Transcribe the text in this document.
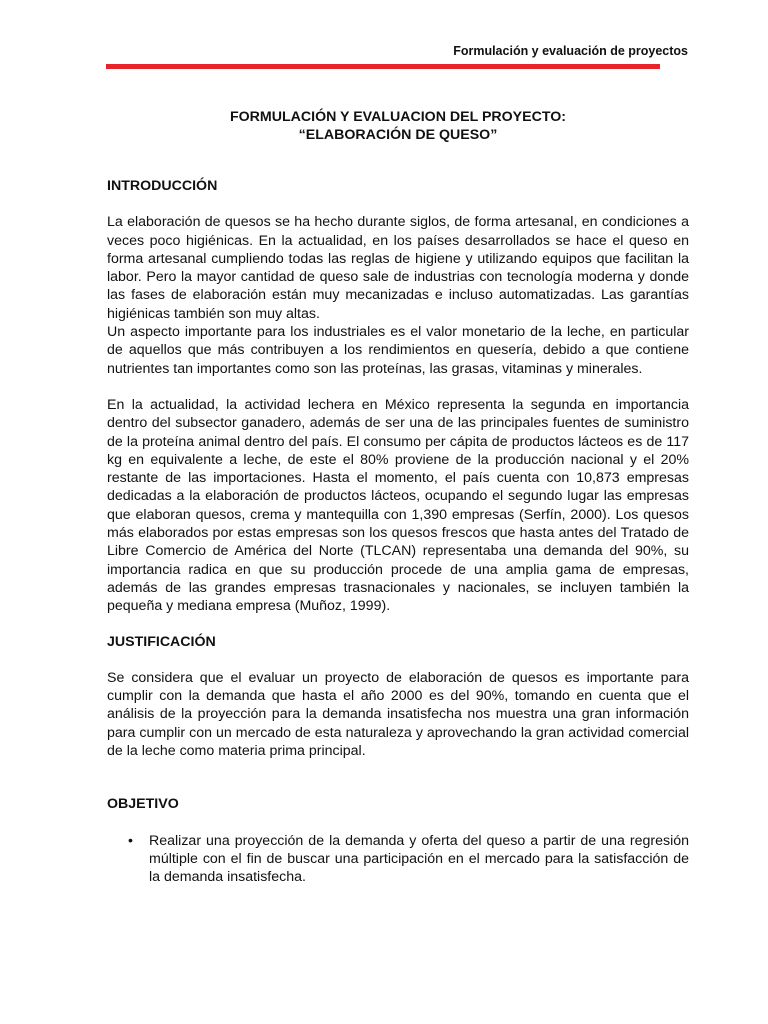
Formulación y evaluación de proyectos
FORMULACIÓN Y EVALUACION DEL PROYECTO:
“ELABORACIÓN DE QUESO”
INTRODUCCIÓN

La elaboración de quesos se ha hecho durante siglos, de forma artesanal, en condiciones a veces poco higiénicas. En la actualidad, en los países desarrollados se hace el queso en forma artesanal cumpliendo todas las reglas de higiene y utilizando equipos que facilitan la labor. Pero la mayor cantidad de queso sale de industrias con tecnología moderna y donde las fases de elaboración están muy mecanizadas e incluso automatizadas. Las garantías higiénicas también son muy altas.

Un aspecto importante para los industriales es el valor monetario de la leche, en particular de aquellos que más contribuyen a los rendimientos en quesería, debido a que contiene nutrientes tan importantes como son las proteínas, las grasas, vitaminas y minerales.

En la actualidad, la actividad lechera en México representa la segunda en importancia dentro del subsector ganadero, además de ser una de las principales fuentes de suministro de la proteína animal dentro del país. El consumo per cápita de productos lácteos es de 117 kg en equivalente a leche, de este el 80% proviene de la producción nacional y el 20% restante de las importaciones. Hasta el momento, el país cuenta con 10,873 empresas dedicadas a la elaboración de productos lácteos, ocupando el segundo lugar las empresas que elaboran quesos, crema y mantequilla con 1,390 empresas (Serfín, 2000). Los quesos más elaborados por estas empresas son los quesos frescos que hasta antes del Tratado de Libre Comercio de América del Norte (TLCAN) representaba una demanda del 90%, su importancia radica en que su producción procede de una amplia gama de empresas, además de las grandes empresas trasnacionales y nacionales, se incluyen también la pequeña y mediana empresa (Muñoz, 1999).

JUSTIFICACIÓN

Se considera que el evaluar un proyecto de elaboración de quesos es importante para cumplir con la demanda que hasta el año 2000 es del 90%, tomando en cuenta que el análisis de la proyección para la demanda insatisfecha nos muestra una gran información para cumplir con un mercado de esta naturaleza y aprovechando la gran actividad comercial de la leche como materia prima principal.

OBJETIVO
• Realizar una proyección de la demanda y oferta del queso a partir de una regresión múltiple con el fin de buscar una participación en el mercado para la satisfacción de la demanda insatisfecha.
